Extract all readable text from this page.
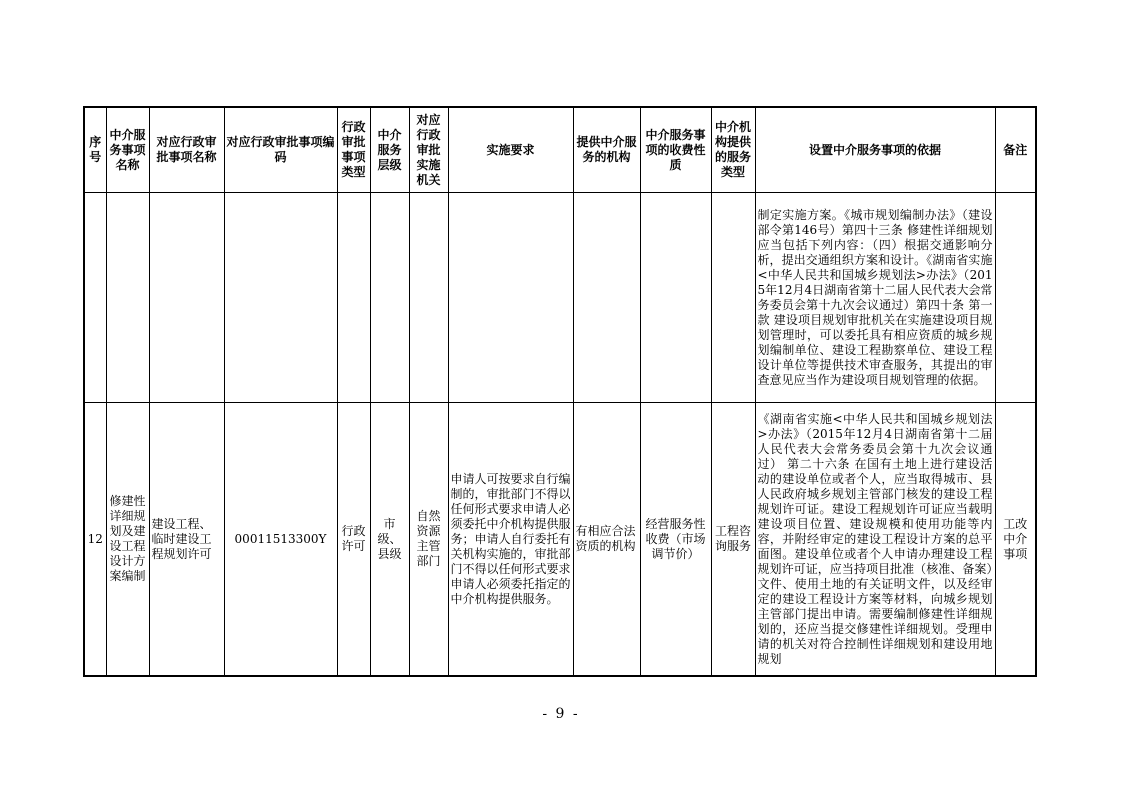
序号	中介服务事项名称	对应行政审批事项名称	对应行政审批事项编码	行政审批事项类型	中介服务层级	对应行政审批实施机关	实施要求	提供中介服务的机构	中介服务事项的收费性质	中介机构提供的服务类型	设置中介服务事项的依据	备注
											制定实施方案。《城市规划编制办法》（建设部令第146号）第四十三条 修建性详细规划应当包括下列内容：（四）根据交通影响分析，提出交通组织方案和设计。《湖南省实施<中华人民共和国城乡规划法>办法》（2015年12月4日湖南省第十二届人民代表大会常务委员会第十九次会议通过）第四十条 第一款 建设项目规划审批机关在实施建设项目规划管理时，可以委托具有相应资质的城乡规划编制单位、建设工程勘察单位、建设工程设计单位等提供技术审查服务，其提出的审查意见应当作为建设项目规划管理的依据。	
12	修建性详细规划及建设工程设计方案编制	建设工程、临时建设工程规划许可	00011513300Y	行政许可	市级、县级	自然资源主管部门	申请人可按要求自行编制的，审批部门不得以任何形式要求申请人必须委托中介机构提供服务；申请人自行委托有关机构实施的，审批部门不得以任何形式要求申请人必须委托指定的中介机构提供服务。	有相应合法资质的机构	经营服务性收费（市场调节价）	工程咨询服务	《湖南省实施<中华人民共和国城乡规划法>办法》（2015年12月4日湖南省第十二届人民代表大会常务委员会第十九次会议通过） 第二十六条 在国有土地上进行建设活动的建设单位或者个人，应当取得城市、县人民政府城乡规划主管部门核发的建设工程规划许可证。建设工程规划许可证应当载明建设项目位置、建设规模和使用功能等内容，并附经审定的建设工程设计方案的总平面图。建设单位或者个人申请办理建设工程规划许可证，应当持项目批准（核准、备案）文件、使用土地的有关证明文件，以及经审定的建设工程设计方案等材料，向城乡规划主管部门提出申请。需要编制修建性详细规划的，还应当提交修建性详细规划。受理申请的机关对符合控制性详细规划和建设用地规划	工改中介事项
- 9 -
